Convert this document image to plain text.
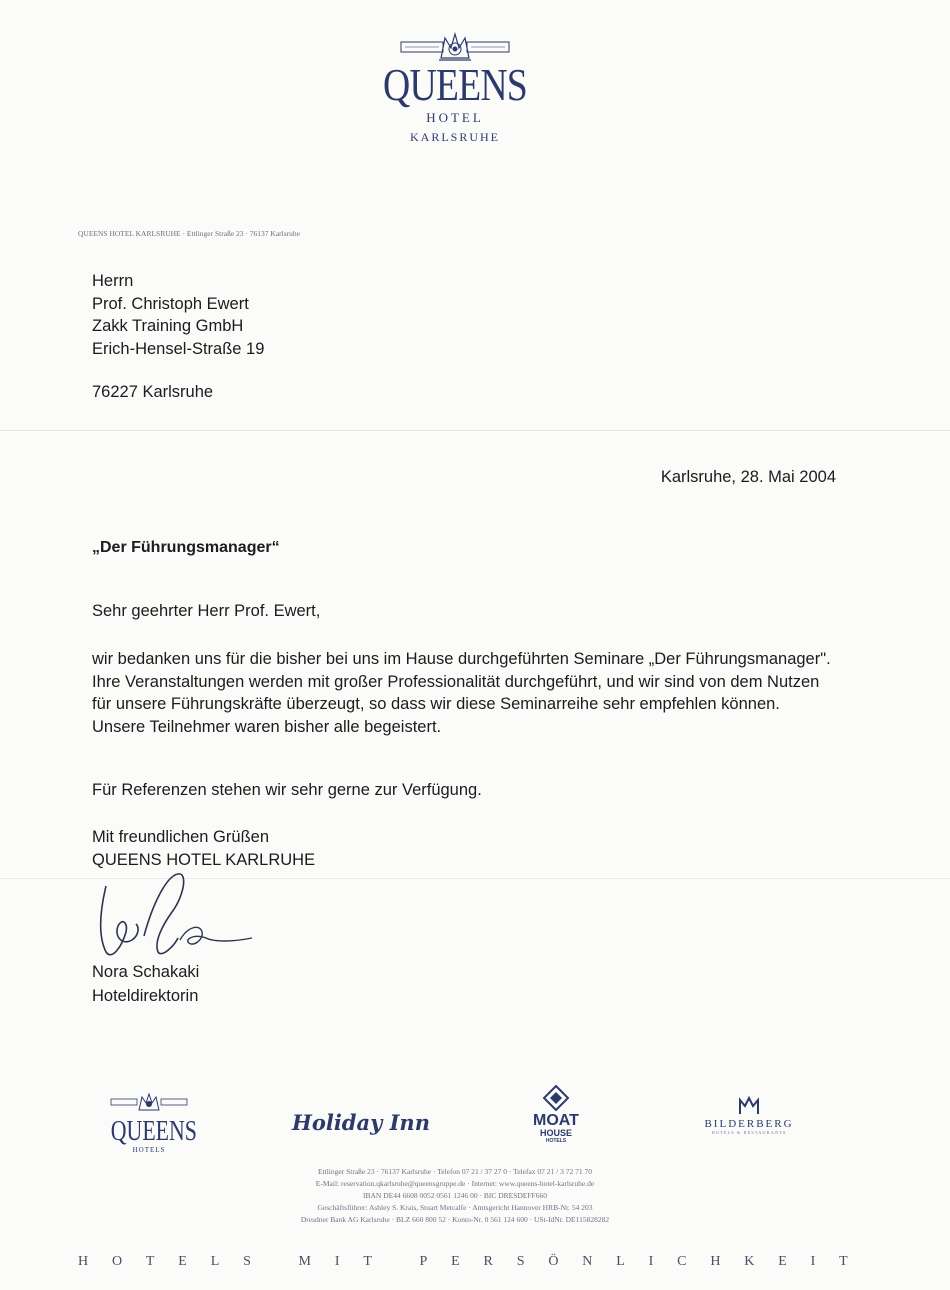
QUEENS
HOTEL
KARLSRUHE
QUEENS HOTEL KARLSRUHE · Ettlinger Straße 23 · 76137 Karlsruhe
Herrn
Prof. Christoph Ewert
Zakk Training GmbH
Erich-Hensel-Straße 19
76227 Karlsruhe
Karlsruhe, 28. Mai 2004
„Der Führungsmanager“
Sehr geehrter Herr Prof. Ewert,
wir bedanken uns für die bisher bei uns im Hause durchgeführten Seminare „Der Führungsmanager". Ihre Veranstaltungen werden mit großer Professionalität durchgeführt, und wir sind von dem Nutzen für unsere Führungskräfte überzeugt, so dass wir diese Seminarreihe sehr empfehlen können. Unsere Teilnehmer waren bisher alle begeistert.
Für Referenzen stehen wir sehr gerne zur Verfügung.
Mit freundlichen Grüßen
QUEENS HOTEL KARLRUHE
Nora Schakaki
Hoteldirektorin
QUEENS
HOTELS
Holiday Inn	MOAT
HOUSE
HOTELS
BILDERBERG
HOTELS & RESTAURANTS
Ettlinger Straße 23 · 76137 Karlsruhe · Telefon 07 21 / 37 27 0 · Telefax 07 21 / 3 72 71 70
E-Mail: reservation.qkarlsruhe@queensgruppe.de · Internet: www.queens-hotel-karlsruhe.de
IBAN DE44 6608 0052 0561 1246 00 · BIC DRESDEFF660
Geschäftsführer: Ashley S. Krais, Stuart Metcalfe · Amtsgericht Hannover HRB-Nr. 54 203
Dresdner Bank AG Karlsruhe · BLZ 660 800 52 · Konto-Nr. 0 561 124 600 · USt-IdNr. DE115828282
H O T E L S	M I T	P E R S Ö N L I C H K E I T
